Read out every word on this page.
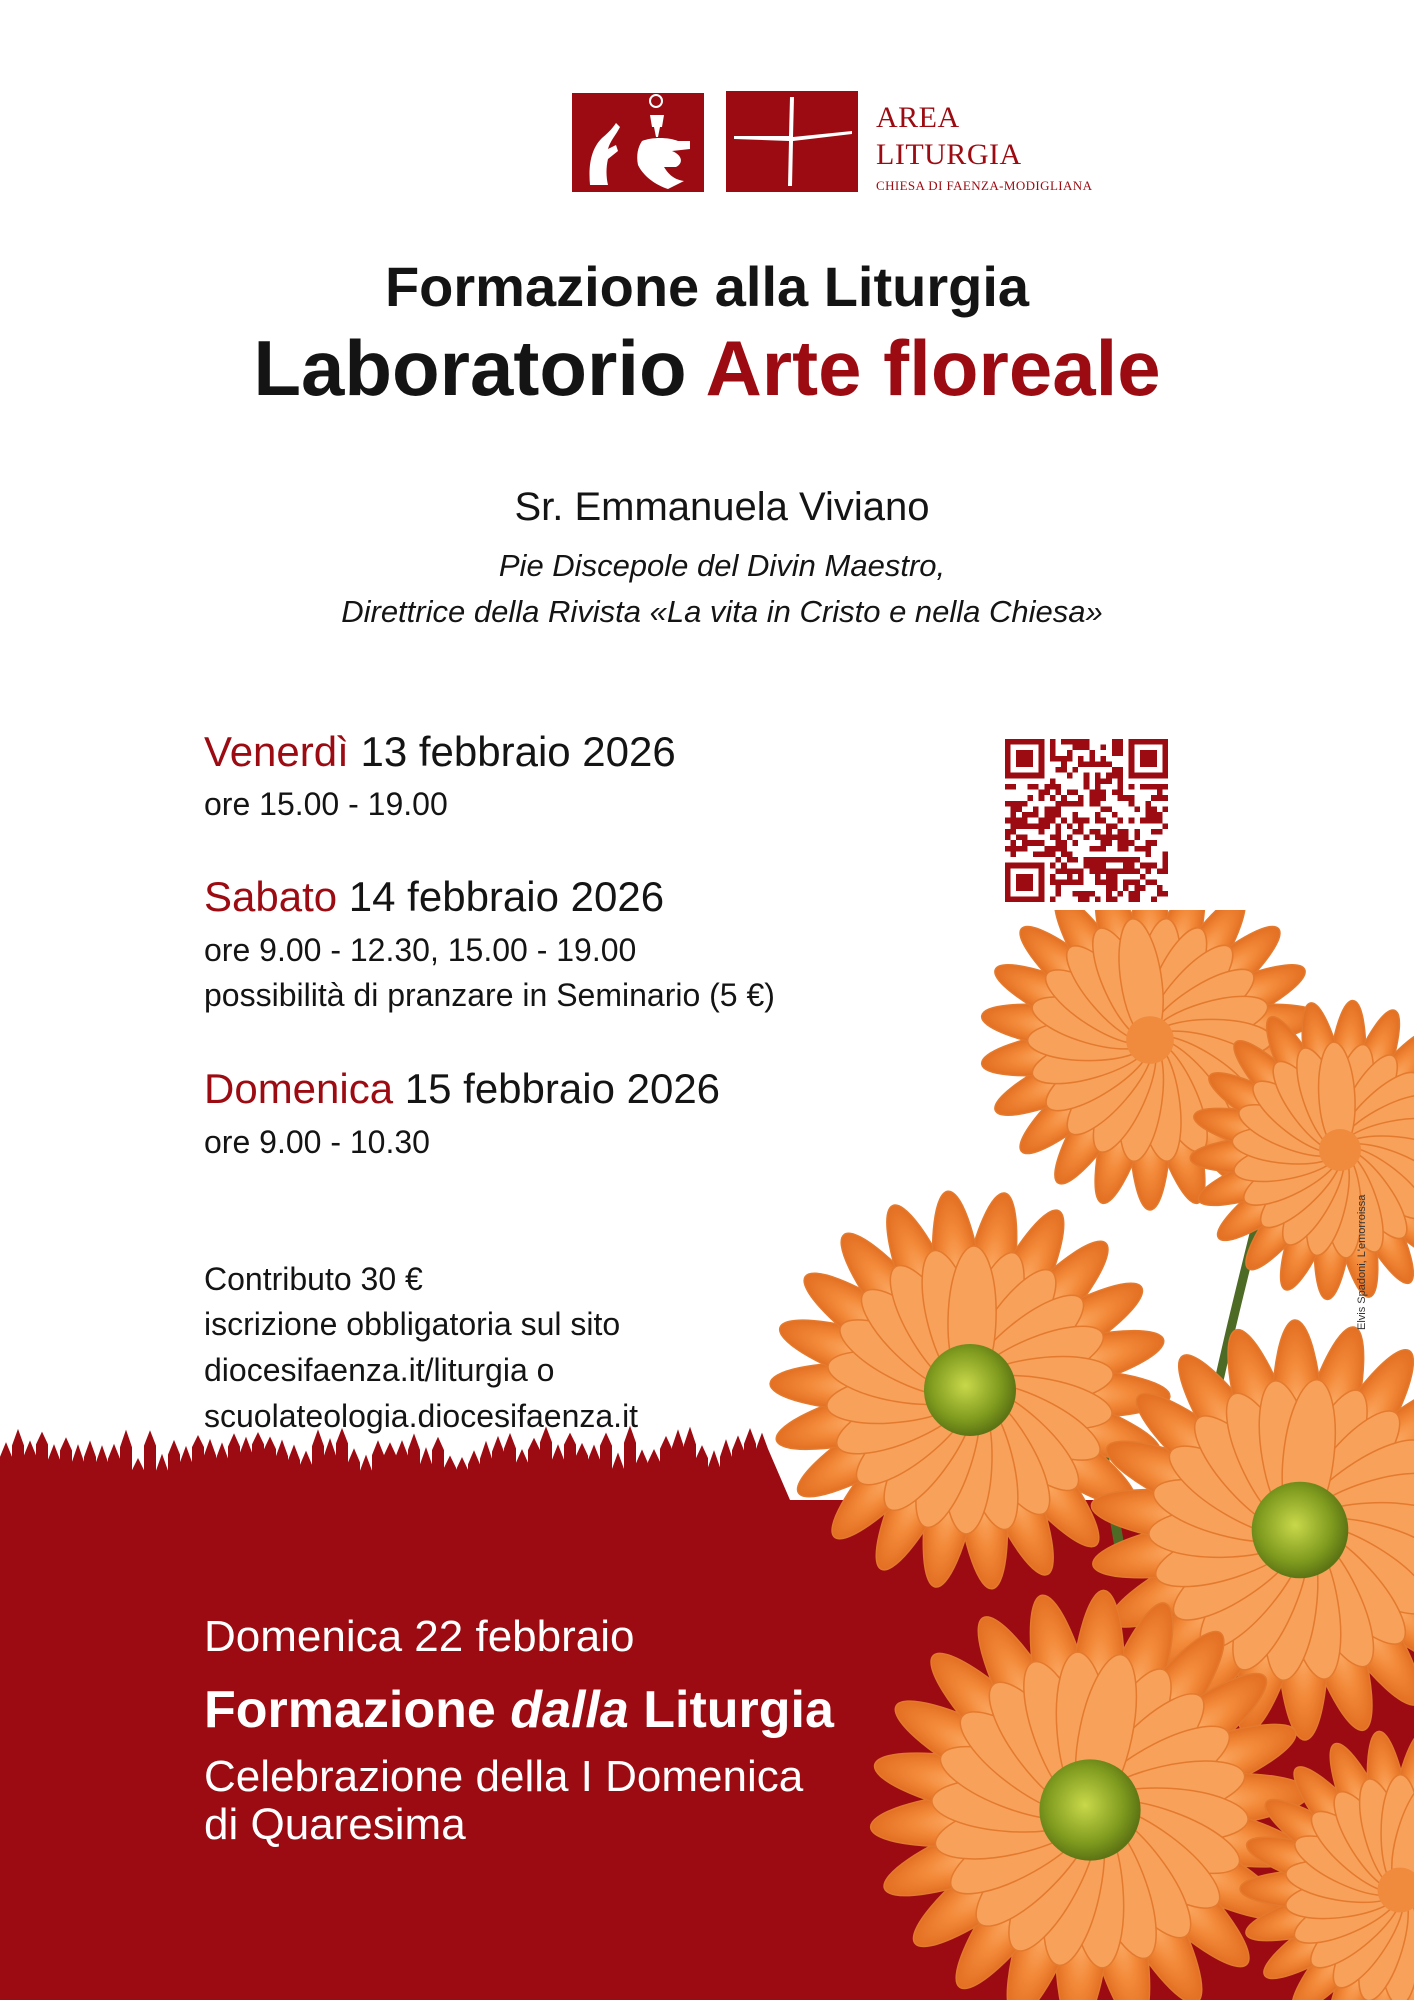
AREA
LITURGIA
CHIESA DI FAENZA-MODIGLIANA
Formazione alla Liturgia
Laboratorio Arte floreale
Sr. Emmanuela Viviano
Pie Discepole del Divin Maestro,
Direttrice della Rivista «La vita in Cristo e nella Chiesa»
Venerdì 13 febbraio 2026
ore 15.00 - 19.00
Sabato 14 febbraio 2026
ore 9.00 - 12.30, 15.00 - 19.00
possibilità di pranzare in Seminario (5 €)
Domenica 15 febbraio 2026
ore 9.00 - 10.30
Contributo 30 €
iscrizione obbligatoria sul sito
diocesifaenza.it/liturgia o
scuolateologia.diocesifaenza.it
Domenica 22 febbraio
Formazione dalla Liturgia
Celebrazione della I Domenica
di Quaresima
Elvis Spadoni, L'emorroissa
